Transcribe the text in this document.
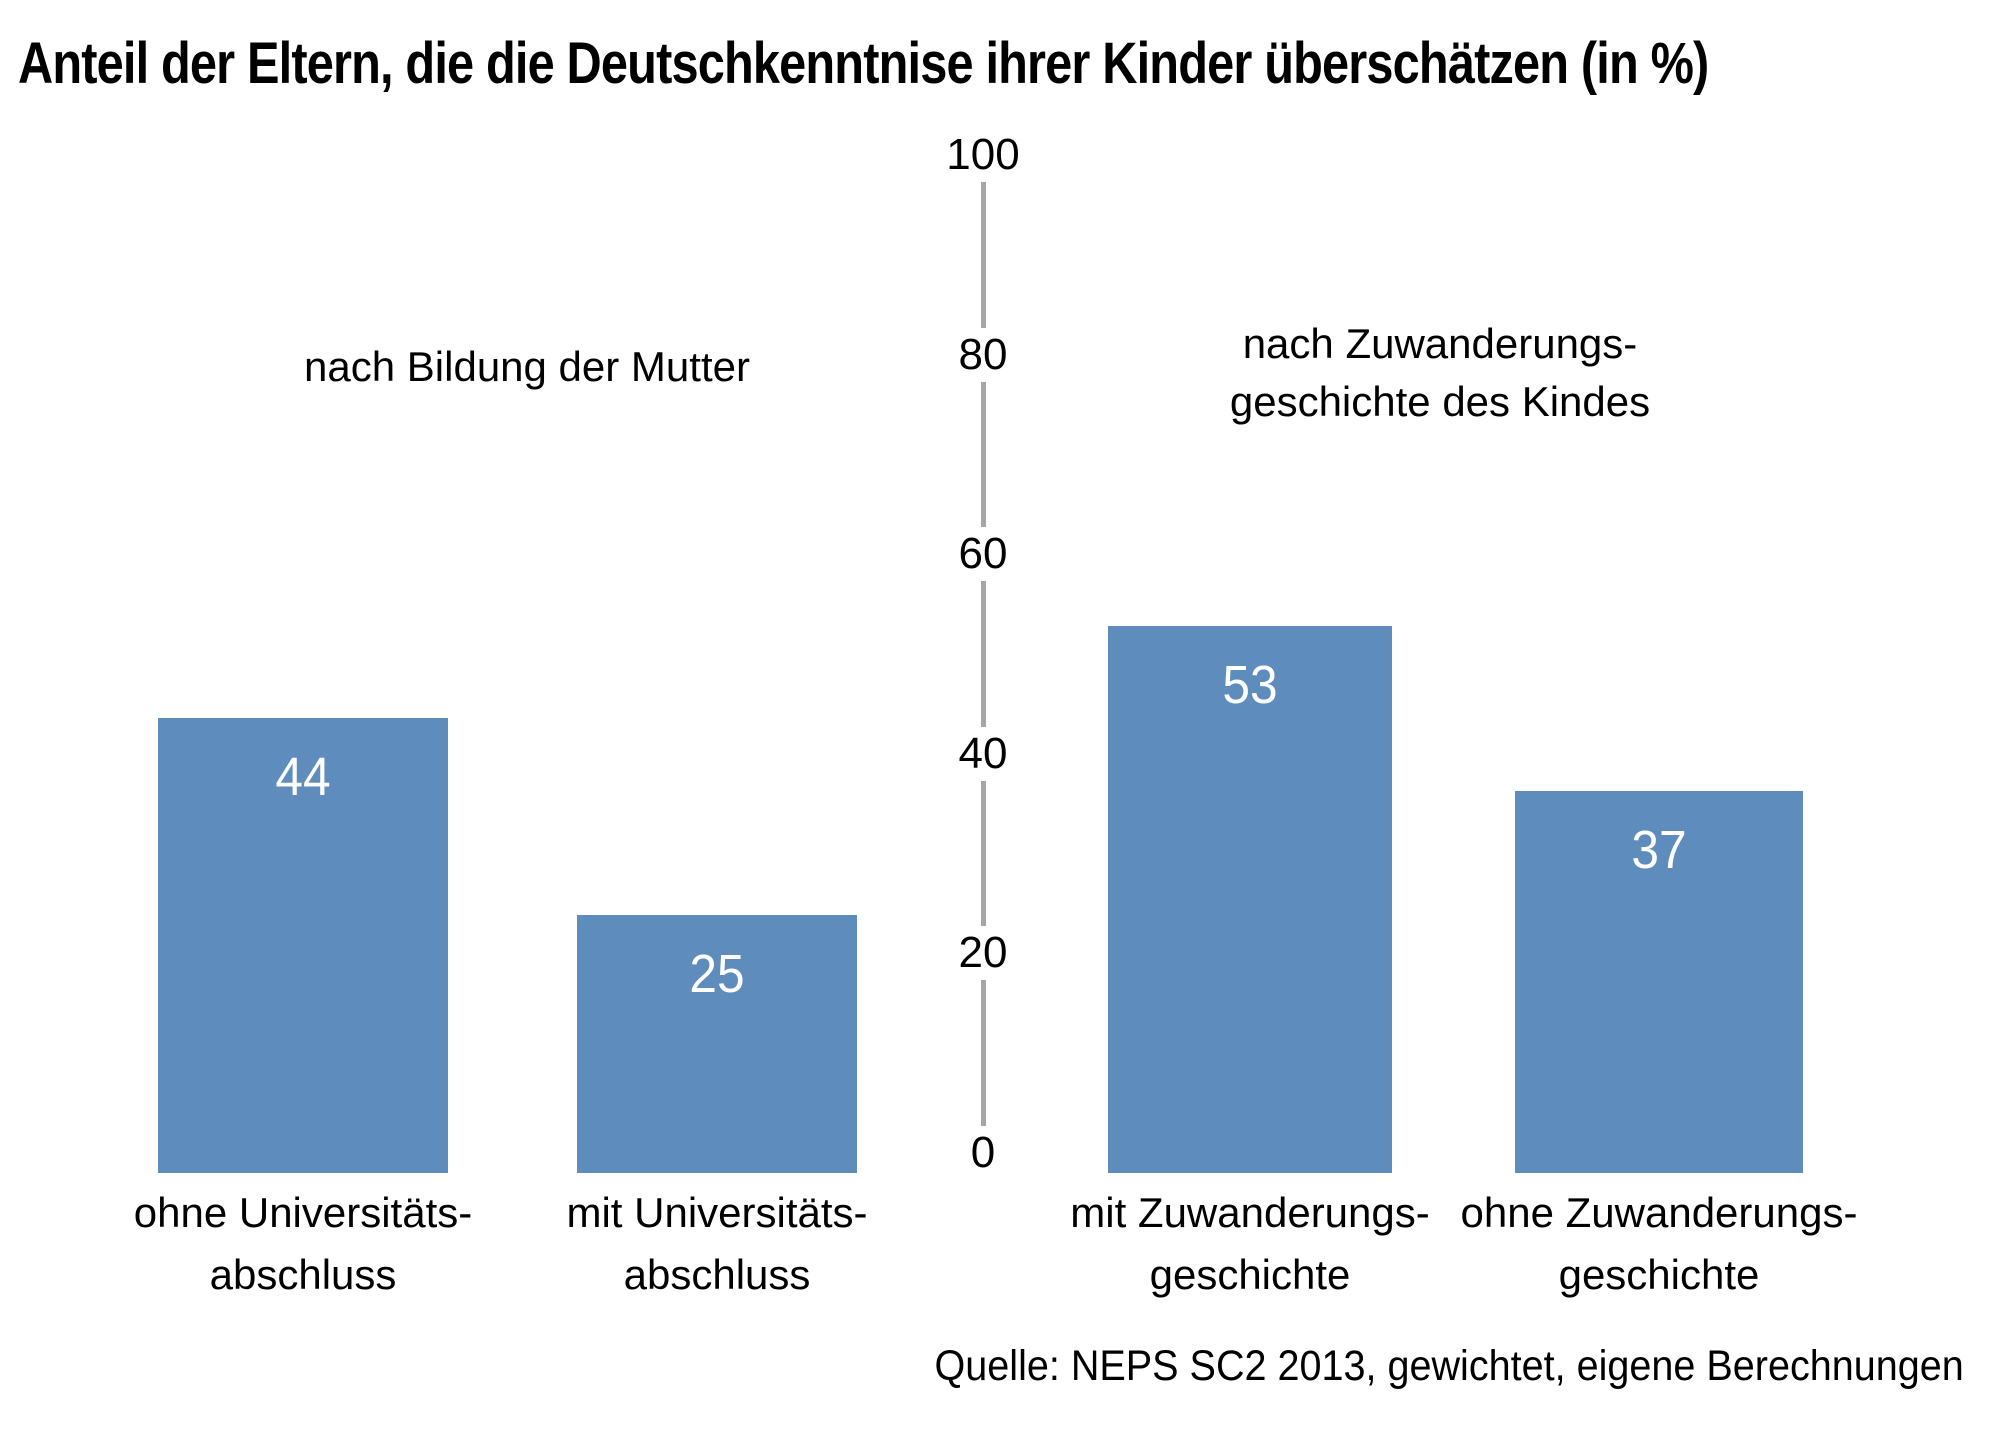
Anteil der Eltern, die die Deutschkenntnise ihrer Kinder überschätzen (in %)
nach Bildung der Mutter	nach Zuwanderungs-
geschichte des Kindes
100
80
60
40
20
0
44
25
53
37
ohne Universitäts-
abschluss
mit Universitäts-
abschluss
mit Zuwanderungs-
geschichte
ohne Zuwanderungs-
geschichte
Quelle: NEPS SC2 2013, gewichtet, eigene Berechnungen
